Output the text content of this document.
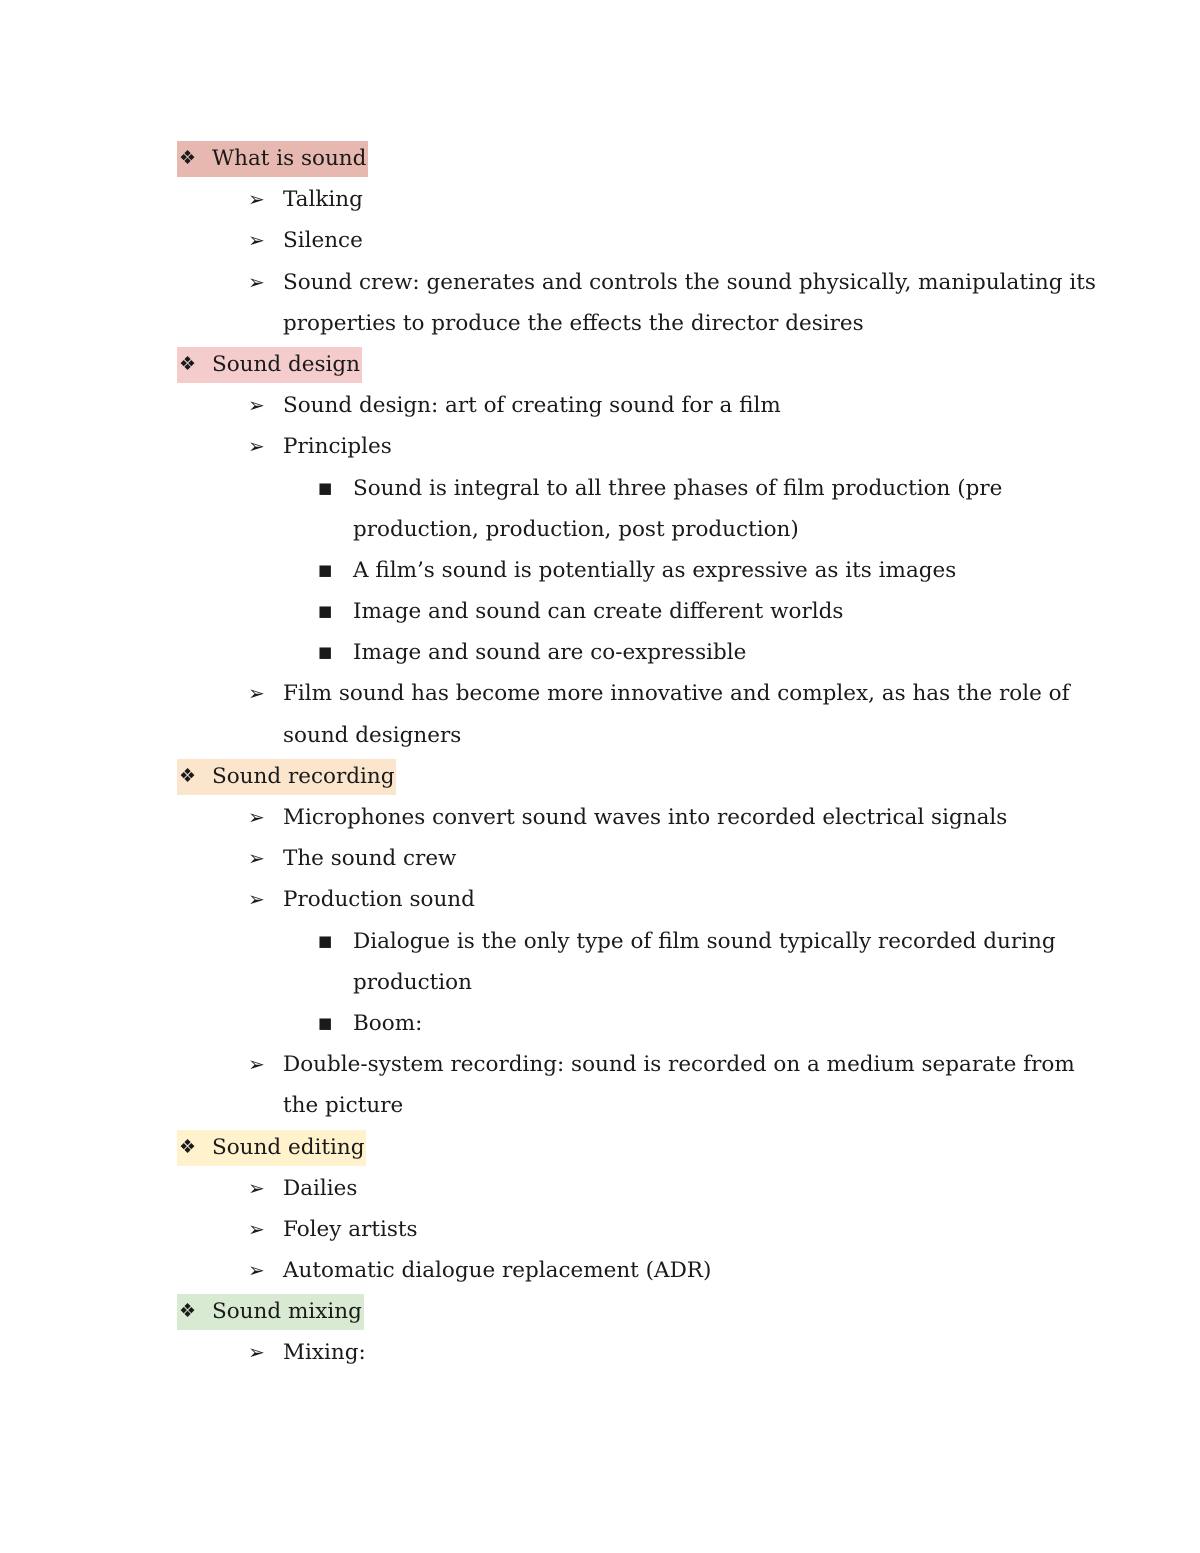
❖ What is sound
➢ Talking
➢ Silence
➢ Sound crew: generates and controls the sound physically, manipulating its
properties to produce the effects the director desires
❖ Sound design
➢ Sound design: art of creating sound for a film
➢ Principles
■ Sound is integral to all three phases of film production (pre
production, production, post production)
■ A film’s sound is potentially as expressive as its images
■ Image and sound can create different worlds
■ Image and sound are co-expressible
➢ Film sound has become more innovative and complex, as has the role of
sound designers
❖ Sound recording
➢ Microphones convert sound waves into recorded electrical signals
➢ The sound crew
➢ Production sound
■ Dialogue is the only type of film sound typically recorded during
production
■ Boom:
➢ Double-system recording: sound is recorded on a medium separate from
the picture
❖ Sound editing
➢ Dailies
➢ Foley artists
➢ Automatic dialogue replacement (ADR)
❖ Sound mixing
➢ Mixing:
